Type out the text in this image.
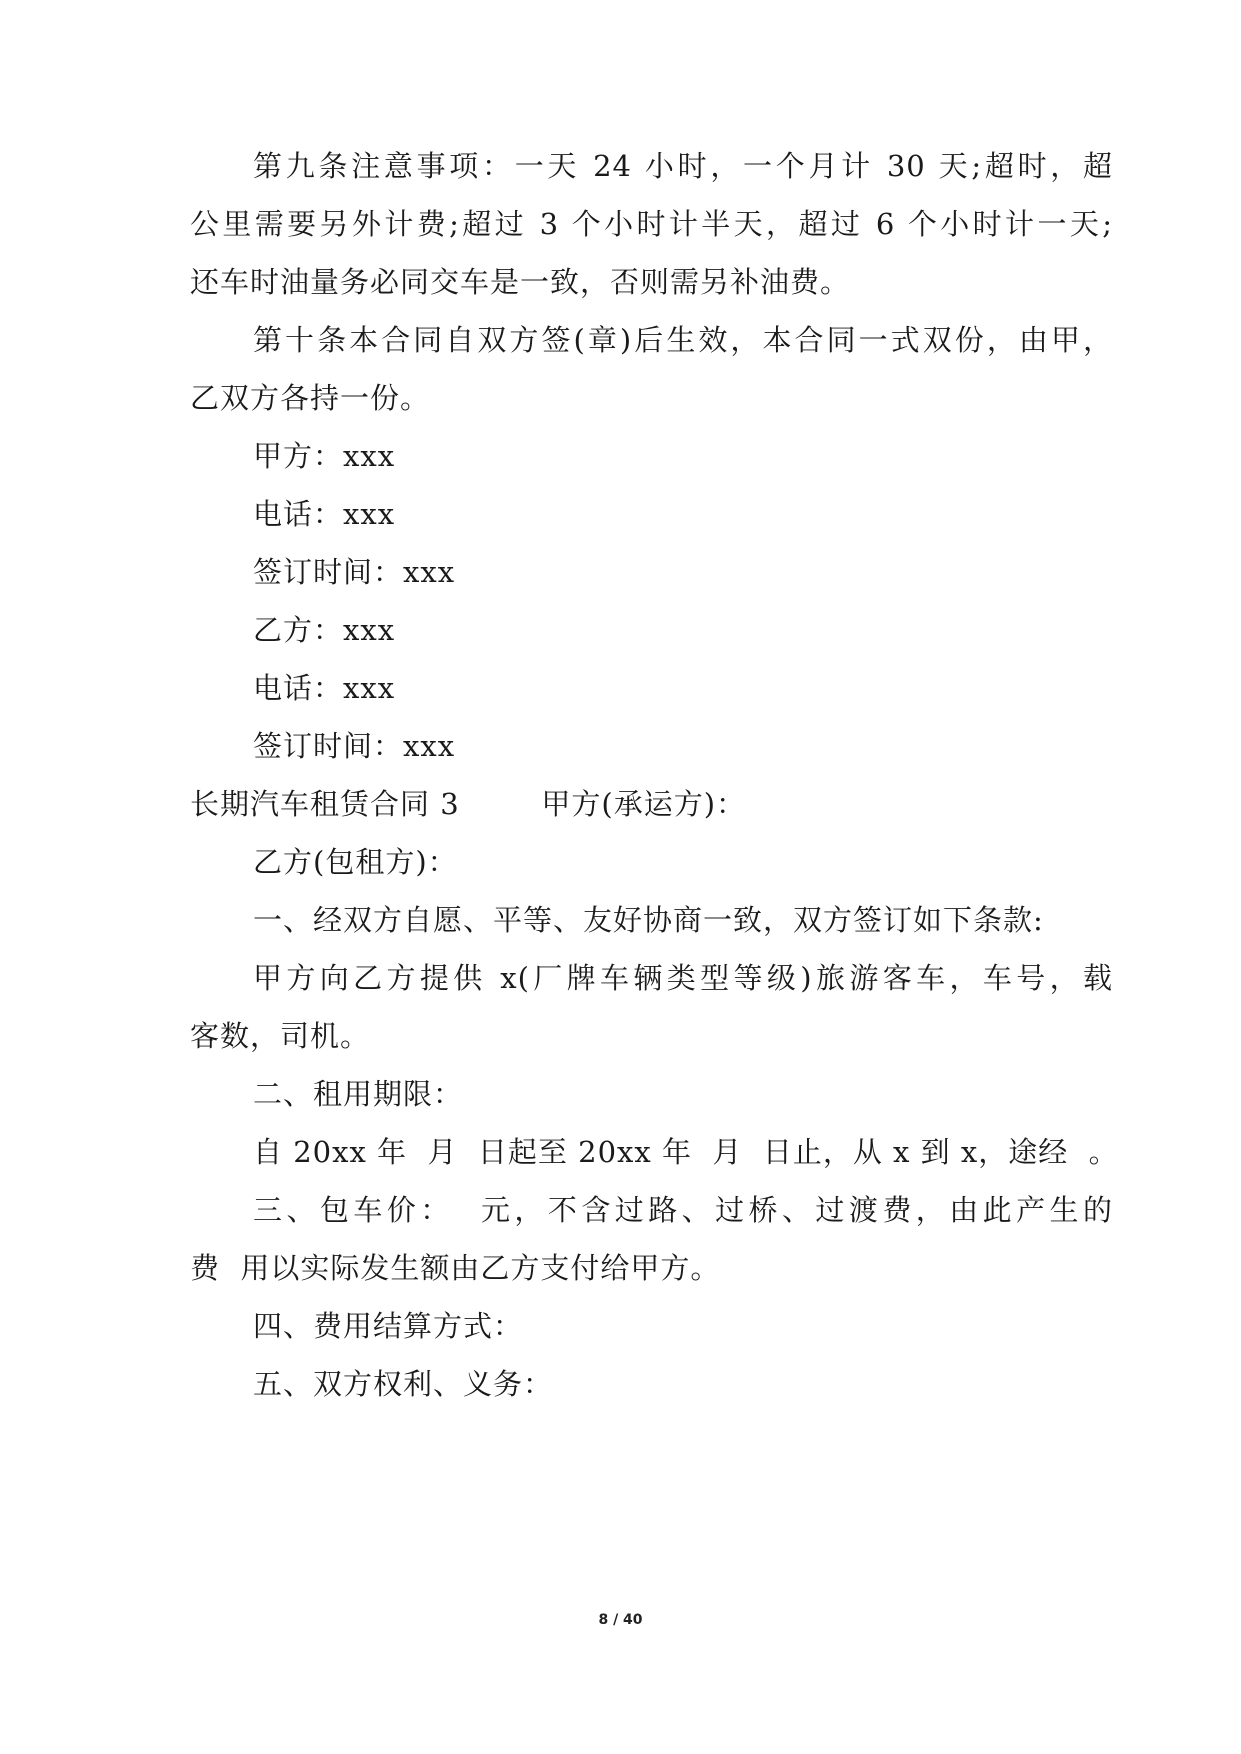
第九条注意事项：一天 24 小时，一个月计 30 天;超时，超
公里需要另外计费;超过 3 个小时计半天，超过 6 个小时计一天;
还车时油量务必同交车是一致，否则需另补油费。
第十条本合同自双方签(章)后生效，本合同一式双份，由甲，
乙双方各持一份。
甲方：xxx
电话：xxx
签订时间：xxx
乙方：xxx
电话：xxx
签订时间：xxx
长期汽车租赁合同 3        甲方(承运方)：
乙方(包租方)：
一、经双方自愿、平等、友好协商一致，双方签订如下条款:
甲方向乙方提供 x(厂牌车辆类型等级)旅游客车，车号，载
客数，司机。
二、租用期限：
自 20xx 年  月  日起至 20xx 年  月  日止，从 x 到 x，途经  。
三、包车价：  元，不含过路、过桥、过渡费，由此产生的
费  用以实际发生额由乙方支付给甲方。
四、费用结算方式：
五、双方权利、义务：
8 / 40
